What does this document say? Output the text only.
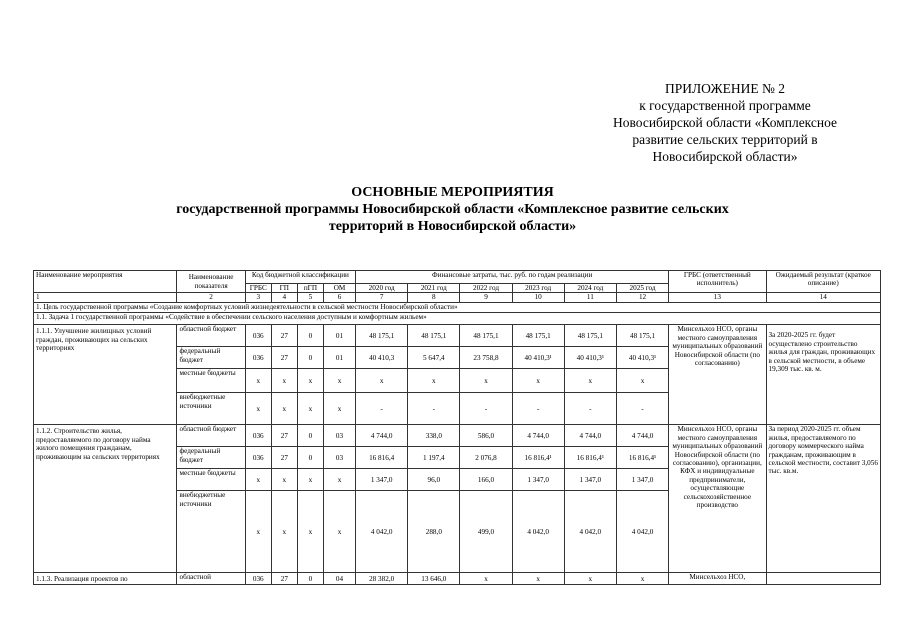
ПРИЛОЖЕНИЕ № 2
к государственной программе
Новосибирской области «Комплексное
развитие сельских территорий в
Новосибирской области»
ОСНОВНЫЕ МЕРОПРИЯТИЯ
государственной программы Новосибирской области «Комплексное развитие сельских
территорий в Новосибирской области»
Наименование мероприятия	Наименование показателя	Код бюджетной классификации				Финансовые затраты, тыс. руб. по годам реализации						ГРБС (ответственный исполнитель)	Ожидаемый результат (краткое описание)
		ГРБС	ГП	пГП	ОМ	2020 год	2021 год	2022 год	2023 год	2024 год	2025 год		
1	2	3	4	5	6	7	8	9	10	11	12	13	14
1. Цель государственной программы «Создание комфортных условий жизнедеятельности в сельской местности Новосибирской области»													
1.1. Задача 1 государственной программы «Содействие в обеспечении сельского населения доступным и комфортным жильем»													
1.1.1. Улучшение жилищных условий граждан, проживающих на сельских территориях	областной бюджет	036	27	0	01	48 175,1	48 175,1	48 175,1	48 175,1	48 175,1	48 175,1	Минсельхоз НСО, органы местного самоуправления муниципальных образований Новосибирской области (по согласованию)	За 2020-2025 гг. будет осуществлено строительство жилья для граждан, проживающих в сельской местности, в объеме 19,309 тыс. кв. м.
	федеральный бюджет	036	27	0	01	40 410,3	5 647,4	23 758,8	40 410,3¹	40 410,3¹	40 410,3¹		
	местные бюджеты	x	x	x	x	x	x	x	x	x	x		
	внебюджетные источники	x	x	x	x	-	-	-	-	-	-		
1.1.2. Строительство жилья, предоставляемого по договору найма жилого помещения гражданам, проживающим на сельских территориях	областной бюджет	036	27	0	03	4 744,0	338,0	586,0	4 744,0	4 744,0	4 744,0	Минсельхоз НСО, органы местного самоуправления муниципальных образований Новосибирской области (по согласованию), организации, КФХ и индивидуальные предприниматели, осуществляющие сельскохозяйственное производство	За период 2020-2025 гг. объем жилья, предоставляемого по договору коммерческого найма гражданам, проживающим в сельской местности, составит 3,056 тыс. кв.м.
	федеральный бюджет	036	27	0	03	16 816,4	1 197,4	2 076,8	16 816,4¹	16 816,4¹	16 816,4¹		
	местные бюджеты	x	x	x	x	1 347,0	96,0	166,0	1 347,0	1 347,0	1 347,0		
	внебюджетные источники	x	x	x	x	4 042,0	288,0	499,0	4 042,0	4 042,0	4 042,0		
1.1.3. Реализация проектов по	областной	036	27	0	04	28 382,0	13 646,0	x	x	x	x	Минсельхоз НСО,	
